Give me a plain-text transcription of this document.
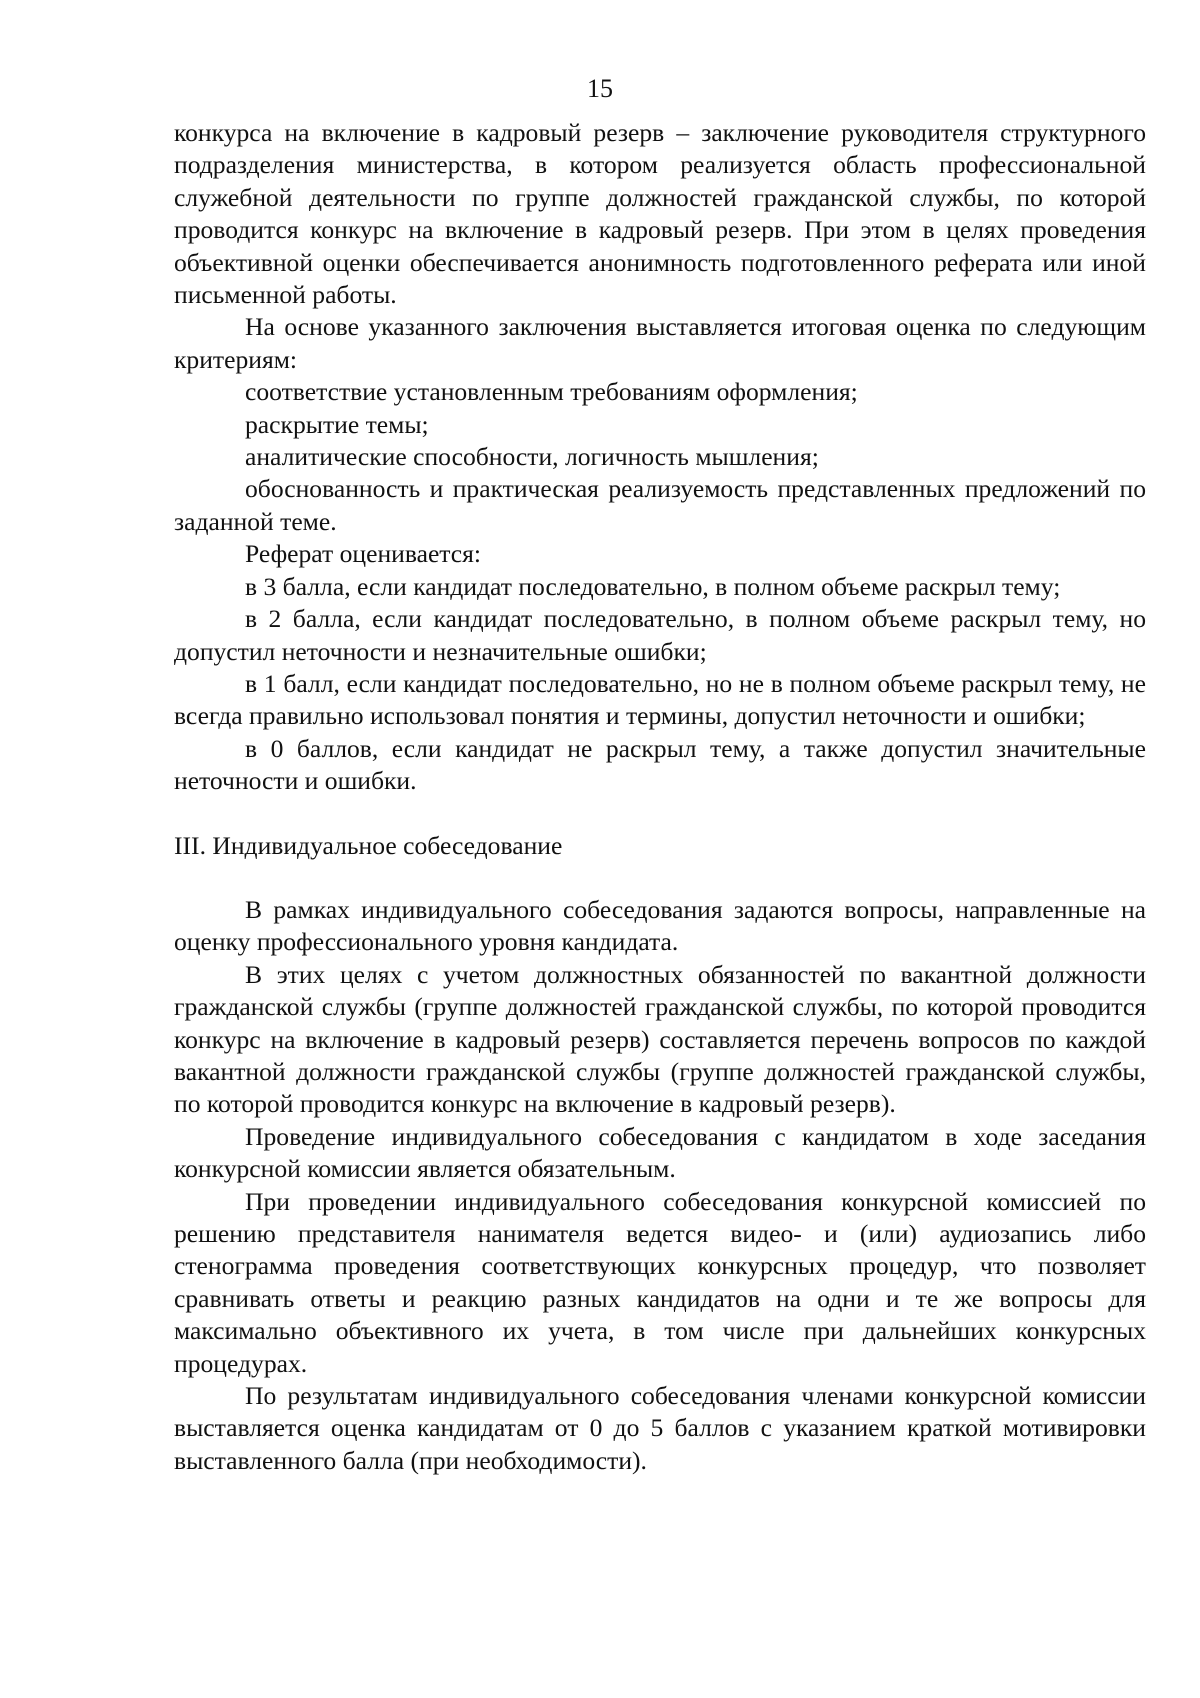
15

конкурса на включение в кадровый резерв – заключение руководителя структурного подразделения министерства, в котором реализуется область профессиональной служебной деятельности по группе должностей гражданской службы, по которой проводится конкурс на включение в кадровый резерв. При этом в целях проведения объективной оценки обеспечивается анонимность подготовленного реферата или иной письменной работы.

На основе указанного заключения выставляется итоговая оценка по следующим критериям:

соответствие установленным требованиям оформления;

раскрытие темы;

аналитические способности, логичность мышления;

обоснованность и практическая реализуемость представленных предложений по заданной теме.

Реферат оценивается:

в 3 балла, если кандидат последовательно, в полном объеме раскрыл тему;

в 2 балла, если кандидат последовательно, в полном объеме раскрыл тему, но допустил неточности и незначительные ошибки;

в 1 балл, если кандидат последовательно, но не в полном объеме раскрыл тему, не всегда правильно использовал понятия и термины, допустил неточности и ошибки;

в 0 баллов, если кандидат не раскрыл тему, а также допустил значительные неточности и ошибки.

III. Индивидуальное собеседование

В рамках индивидуального собеседования задаются вопросы, направленные на оценку профессионального уровня кандидата.

В этих целях с учетом должностных обязанностей по вакантной должности гражданской службы (группе должностей гражданской службы, по которой проводится конкурс на включение в кадровый резерв) составляется перечень вопросов по каждой вакантной должности гражданской службы (группе должностей гражданской службы, по которой проводится конкурс на включение в кадровый резерв).

Проведение индивидуального собеседования с кандидатом в ходе заседания конкурсной комиссии является обязательным.

При проведении индивидуального собеседования конкурсной комиссией по решению представителя нанимателя ведется видео- и (или) аудиозапись либо стенограмма проведения соответствующих конкурсных процедур, что позволяет сравнивать ответы и реакцию разных кандидатов на одни и те же вопросы для максимально объективного их учета, в том числе при дальнейших конкурсных процедурах.

По результатам индивидуального собеседования членами конкурсной комиссии выставляется оценка кандидатам от 0 до 5 баллов с указанием краткой мотивировки выставленного балла (при необходимости).
